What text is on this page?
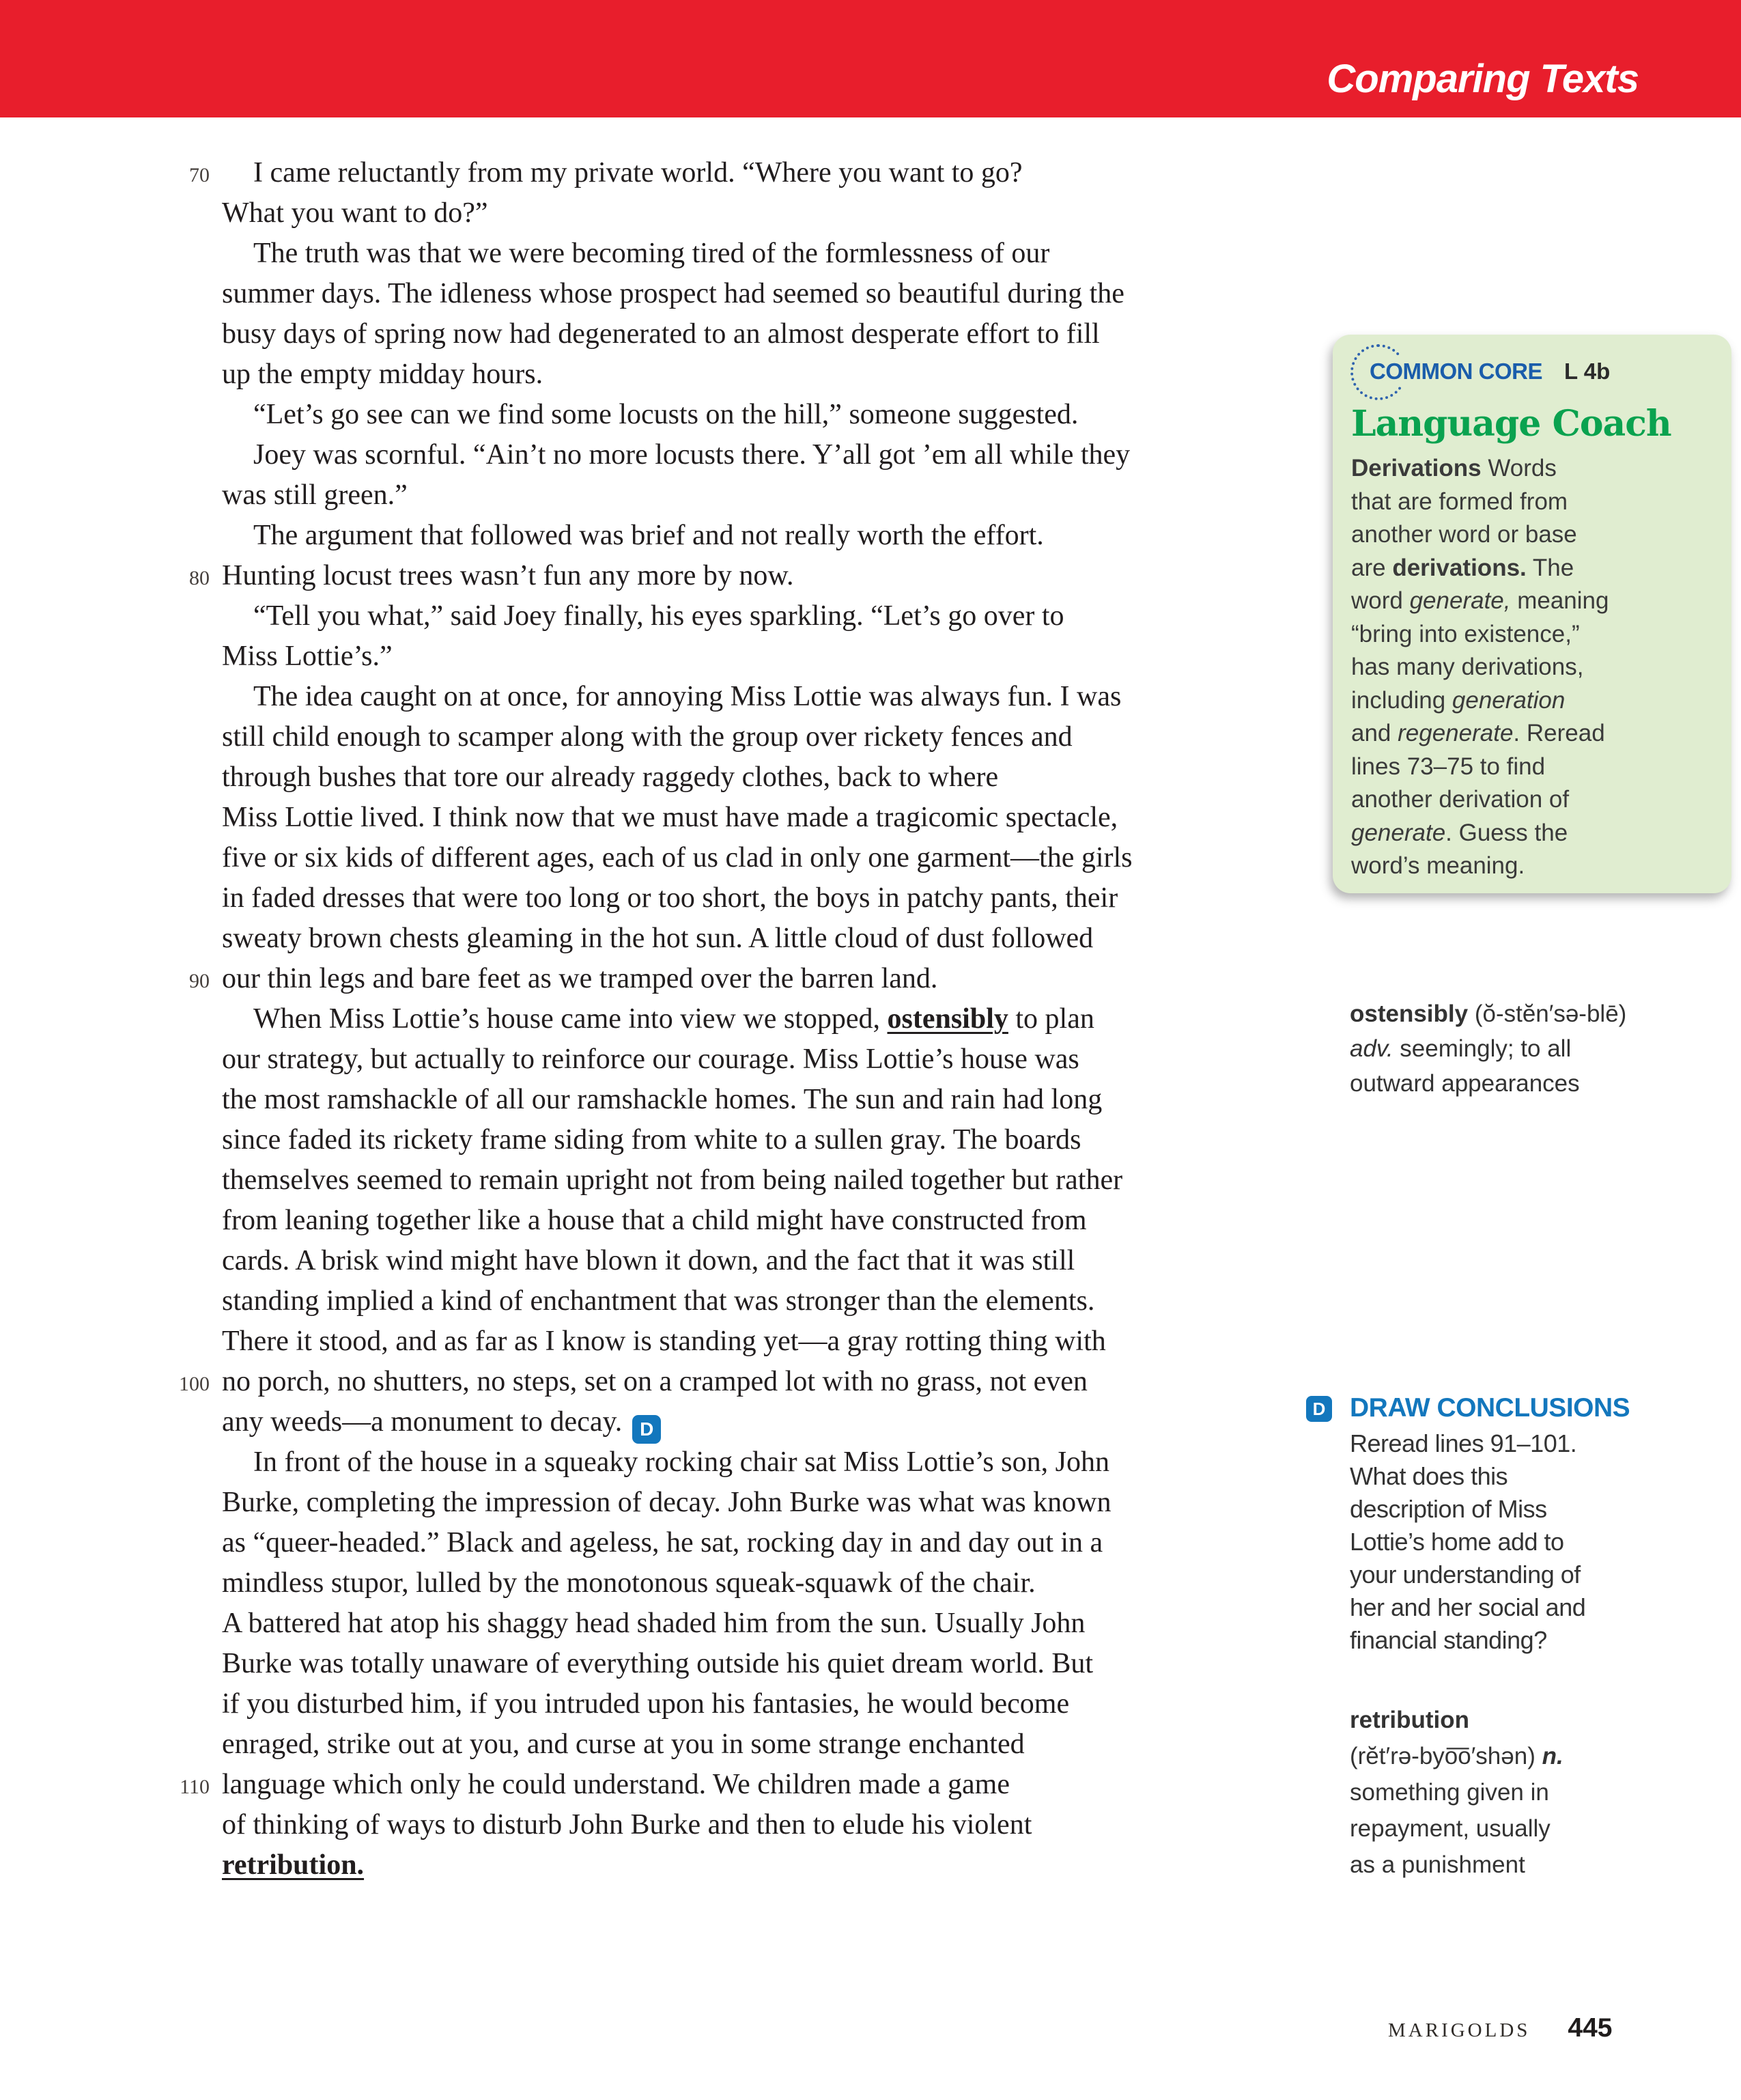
Comparing Texts
70 I came reluctantly from my private world. “Where you want to go?
What you want to do?”
The truth was that we were becoming tired of the formlessness of our
summer days. The idleness whose prospect had seemed so beautiful during the
busy days of spring now had degenerated to an almost desperate effort to fill
up the empty midday hours.
“Let’s go see can we find some locusts on the hill,” someone suggested.
Joey was scornful. “Ain’t no more locusts there. Y’all got ’em all while they
was still green.”
The argument that followed was brief and not really worth the effort.
80 Hunting locust trees wasn’t fun any more by now.
“Tell you what,” said Joey finally, his eyes sparkling. “Let’s go over to
Miss Lottie’s.”
The idea caught on at once, for annoying Miss Lottie was always fun. I was
still child enough to scamper along with the group over rickety fences and
through bushes that tore our already raggedy clothes, back to where
Miss Lottie lived. I think now that we must have made a tragicomic spectacle,
five or six kids of different ages, each of us clad in only one garment—the girls
in faded dresses that were too long or too short, the boys in patchy pants, their
sweaty brown chests gleaming in the hot sun. A little cloud of dust followed
90 our thin legs and bare feet as we tramped over the barren land.
When Miss Lottie’s house came into view we stopped, ostensibly to plan
our strategy, but actually to reinforce our courage. Miss Lottie’s house was
the most ramshackle of all our ramshackle homes. The sun and rain had long
since faded its rickety frame siding from white to a sullen gray. The boards
themselves seemed to remain upright not from being nailed together but rather
from leaning together like a house that a child might have constructed from
cards. A brisk wind might have blown it down, and the fact that it was still
standing implied a kind of enchantment that was stronger than the elements.
There it stood, and as far as I know is standing yet—a gray rotting thing with
100 no porch, no shutters, no steps, set on a cramped lot with no grass, not even
any weeds—a monument to decay. D
In front of the house in a squeaky rocking chair sat Miss Lottie’s son, John
Burke, completing the impression of decay. John Burke was what was known
as “queer-headed.” Black and ageless, he sat, rocking day in and day out in a
mindless stupor, lulled by the monotonous squeak-squawk of the chair.
A battered hat atop his shaggy head shaded him from the sun. Usually John
Burke was totally unaware of everything outside his quiet dream world. But
if you disturbed him, if you intruded upon his fantasies, he would become
enraged, strike out at you, and curse at you in some strange enchanted
110 language which only he could understand. We children made a game
of thinking of ways to disturb John Burke and then to elude his violent
retribution.
COMMON CORE L 4b
Language Coach
Derivations Words
that are formed from
another word or base
are derivations. The
word generate, meaning
“bring into existence,”
has many derivations,
including generation
and regenerate. Reread
lines 73–75 to find
another derivation of
generate. Guess the
word’s meaning.
ostensibly (ŏ-stĕn′sə-blē)
adv. seemingly; to all
outward appearances
D DRAW CONCLUSIONS
Reread lines 91–101.
What does this
description of Miss
Lottie’s home add to
your understanding of
her and her social and
financial standing?
retribution
(rĕt′rə-byo͞o′shən) n.
something given in
repayment, usually
as a punishment
MARIGOLDS 445
